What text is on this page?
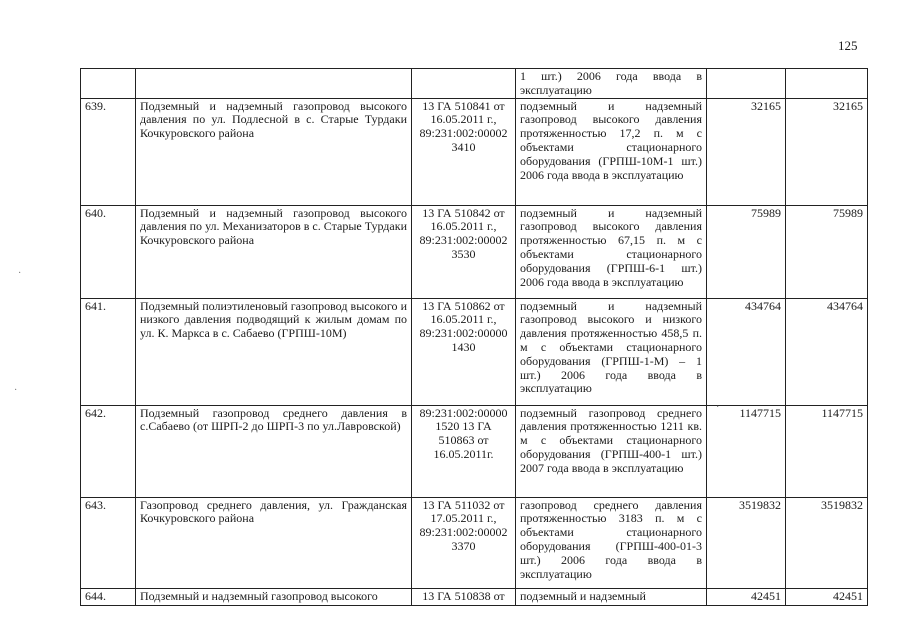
125
			1 шт.) 2006 года ввода в эксплуатацию		
639.	Подземный и надземный газопровод высокого давления по ул. Подлесной в с. Старые Турдаки Кочкуровского района	13 ГА 510841 от 16.05.2011 г., 89:231:002:00002 3410	подземный и надземный газопровод высокого давления протяженностью 17,2 п. м с объектами стационарного оборудования (ГРПШ-10М-1 шт.) 2006 года ввода в эксплуатацию	32165	32165
640.	Подземный и надземный газопровод высокого давления по ул. Механизаторов в с. Старые Турдаки Кочкуровского района	13 ГА 510842 от 16.05.2011 г., 89:231:002:00002 3530	подземный и надземный газопровод высокого давления протяженностью 67,15 п. м с объектами стационарного оборудования (ГРПШ-6-1 шт.) 2006 года ввода в эксплуатацию	75989	75989
641.	Подземный полиэтиленовый газопровод высокого и низкого давления подводящий к жилым домам по ул. К. Маркса в с. Сабаево (ГРПШ-10М)	13 ГА 510862 от 16.05.2011 г., 89:231:002:00000 1430	подземный и надземный газопровод высокого и низкого давления протяженностью 458,5 п. м с объектами стационарного оборудования (ГРПШ-1-М) – 1 шт.) 2006 года ввода в эксплуатацию	434764	434764
642.	Подземный газопровод среднего давления в с.Сабаево (от ШРП-2 до ШРП-3 по ул.Лавровской)	89:231:002:00000 1520 13 ГА 510863 от 16.05.2011г.	подземный газопровод среднего давления протяженностью 1211 кв. м с объектами стационарного оборудования (ГРПШ-400-1 шт.) 2007 года ввода в эксплуатацию	1147715	1147715
643.	Газопровод среднего давления, ул. Гражданская Кочкуровского района	13 ГА 511032 от 17.05.2011 г., 89:231:002:00002 3370	газопровод среднего давления протяженностью 3183 п. м с объектами стационарного оборудования (ГРПШ-400-01-3 шт.) 2006 года ввода в эксплуатацию	3519832	3519832
644.	Подземный и надземный газопровод высокого	13 ГА 510838 от	подземный и надземный	42451	42451
·
·
·
